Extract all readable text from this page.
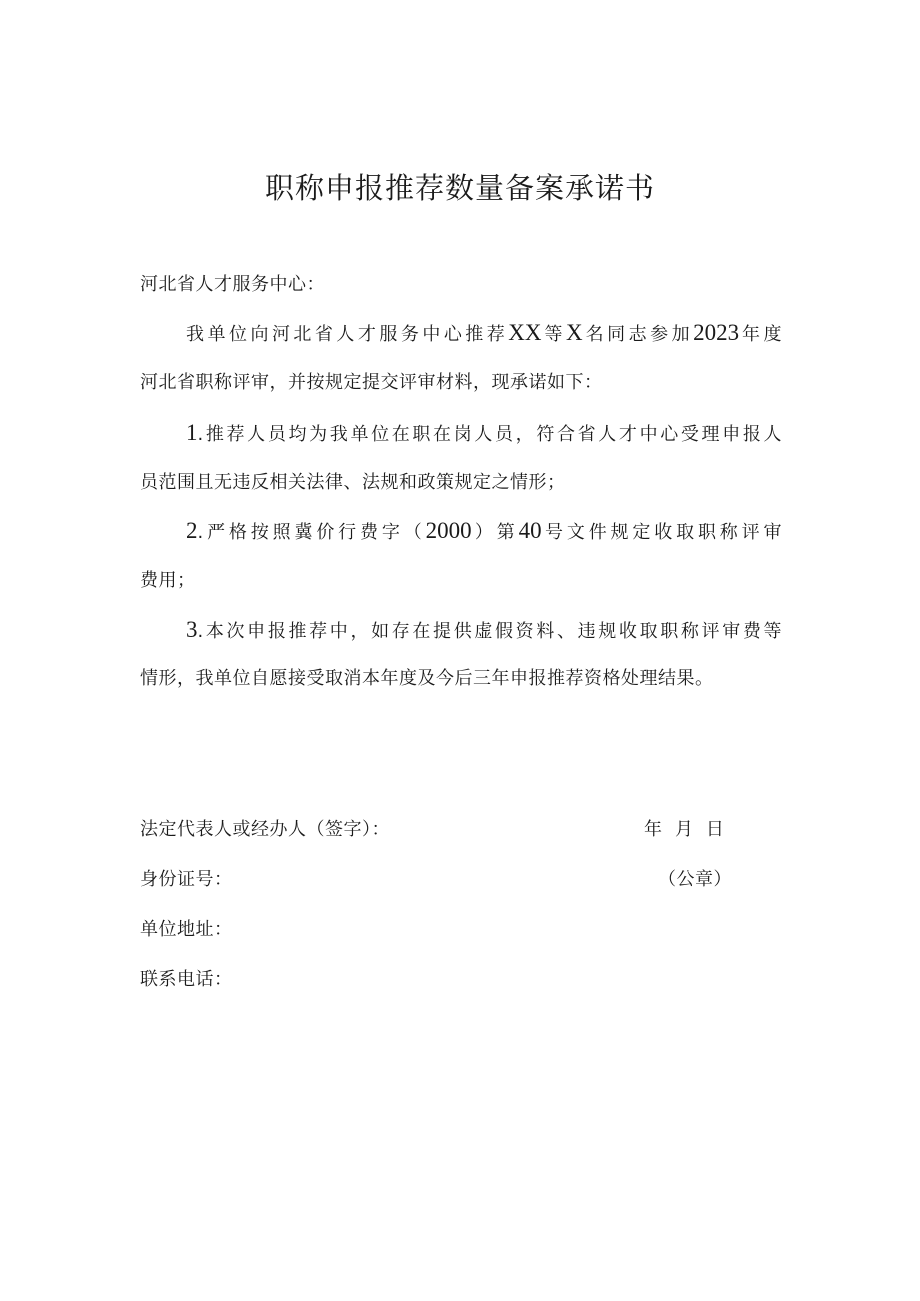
职称申报推荐数量备案承诺书
河北省人才服务中心：
我单位向河北省人才服务中心推荐XX等X名同志参加2023年度
河北省职称评审，并按规定提交评审材料，现承诺如下：
1.推荐人员均为我单位在职在岗人员，符合省人才中心受理申报人
员范围且无违反相关法律、法规和政策规定之情形；
2.严格按照冀价行费字（2000）第40号文件规定收取职称评审
费用；
3.本次申报推荐中，如存在提供虚假资料、违规收取职称评审费等
情形，我单位自愿接受取消本年度及今后三年申报推荐资格处理结果。
法定代表人或经办人（签字）：	年  月  日
身份证号：	（公章）
单位地址：
联系电话：
